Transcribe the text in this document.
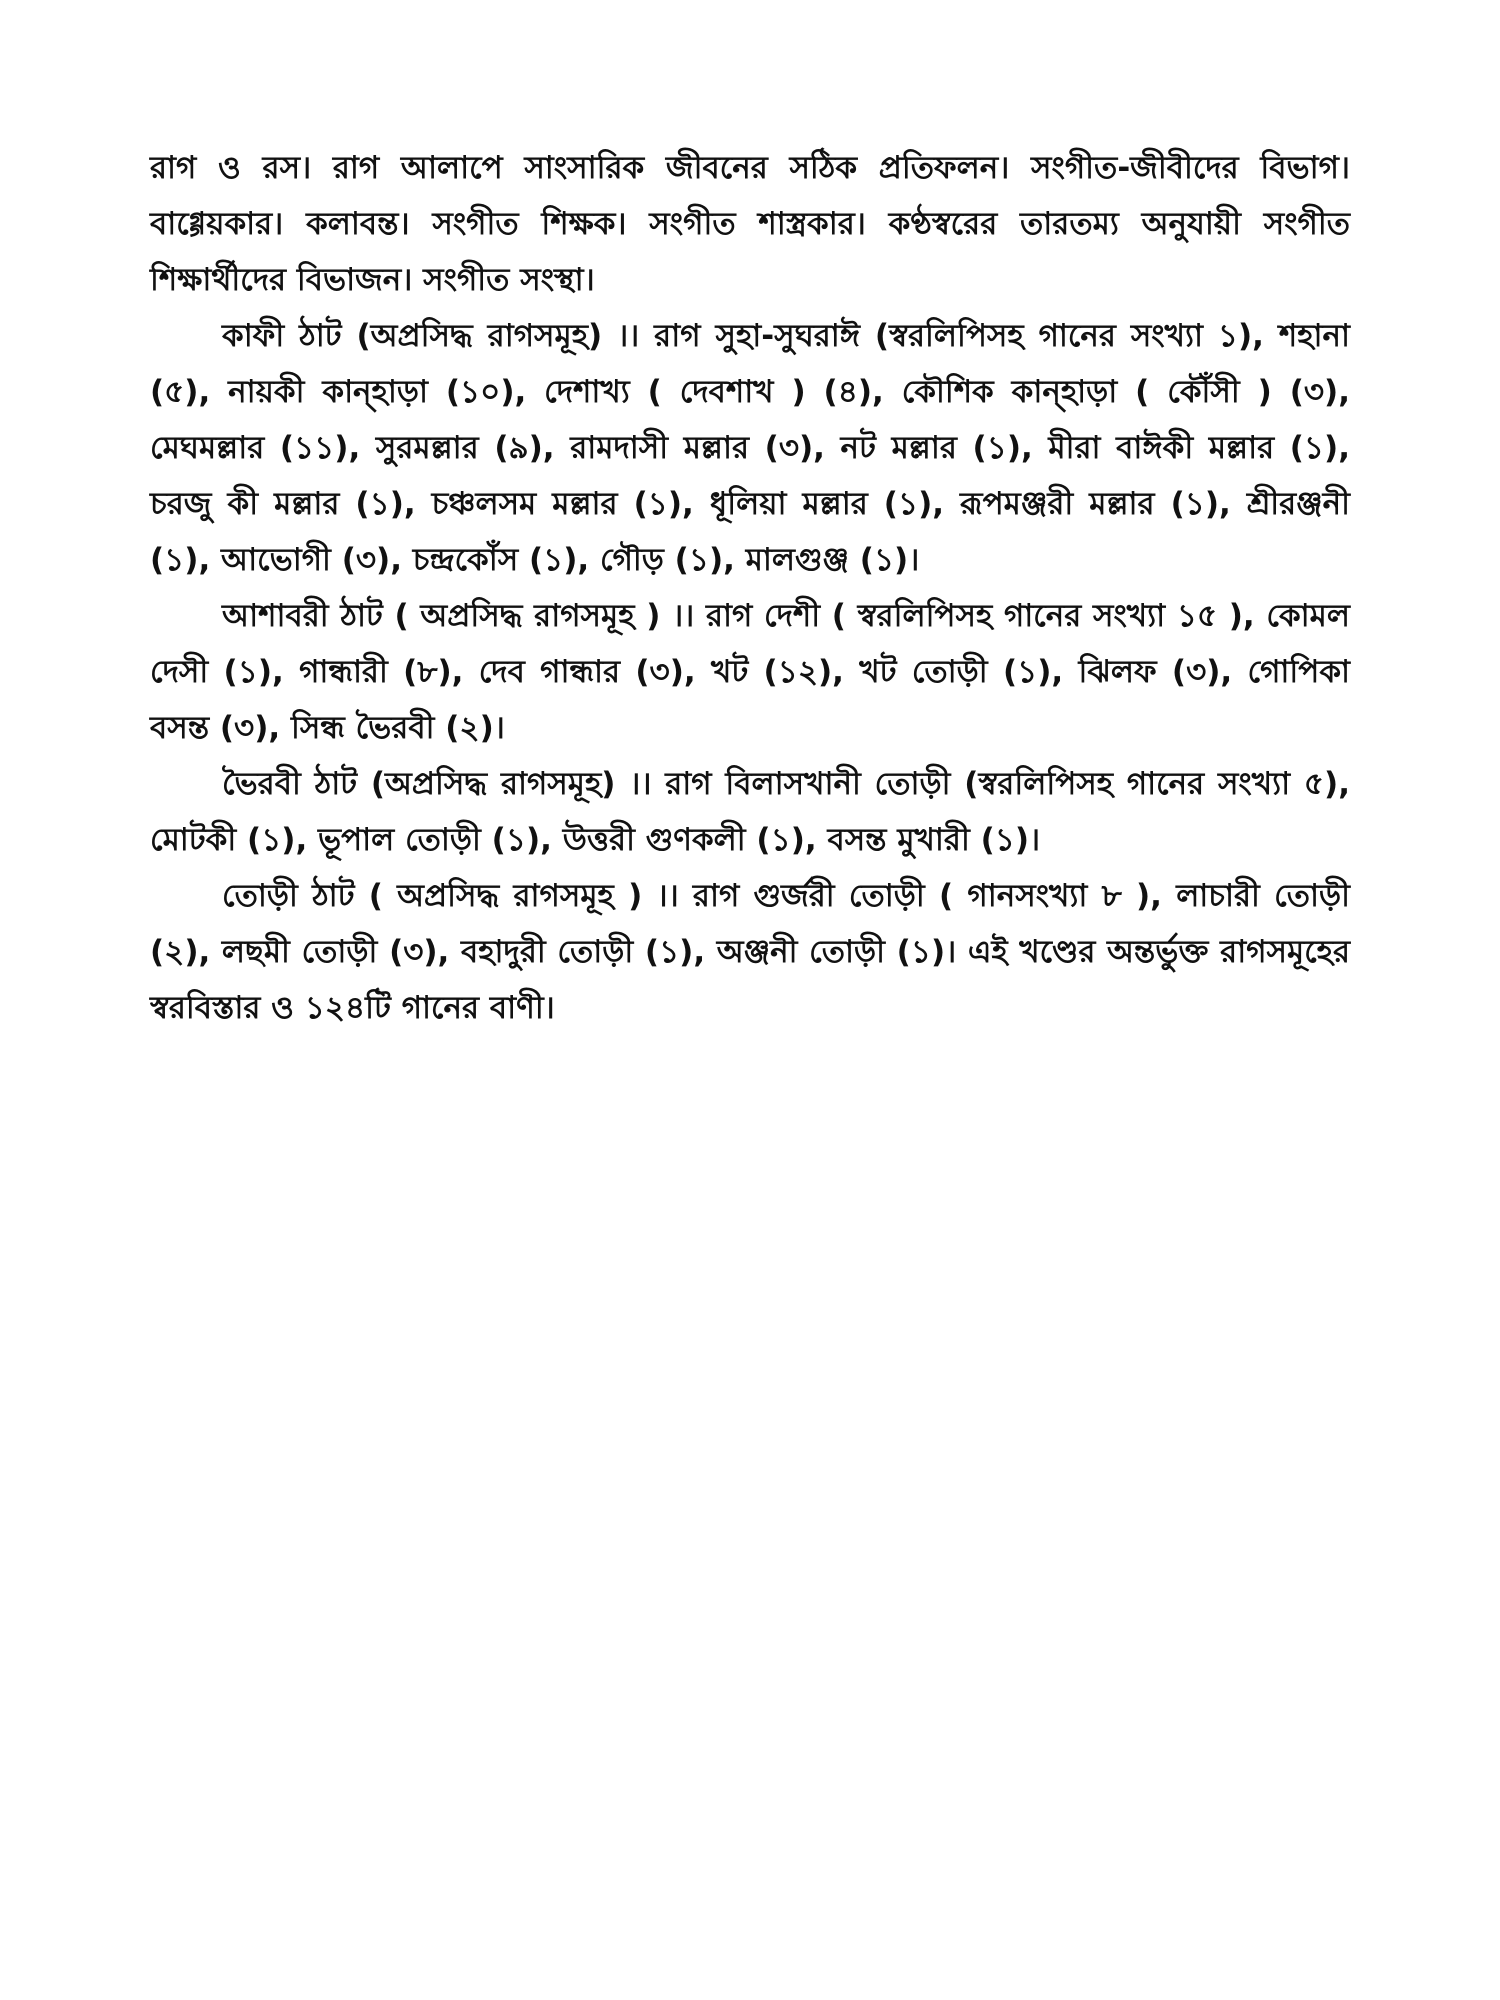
রাগ ও রস। রাগ আলাপে সাংসারিক জীবনের সঠিক প্রতিফলন। সংগীত-জীবীদের বিভাগ। বাগ্গেয়কার। কলাবন্ত। সংগীত শিক্ষক। সংগীত শাস্ত্রকার। কণ্ঠস্বরের তারতম্য অনুযায়ী সংগীত শিক্ষার্থীদের বিভাজন। সংগীত সংস্থা।

কাফী ঠাট (অপ্রসিদ্ধ রাগসমূহ) ।। রাগ সুহা-সুঘরাঈ (স্বরলিপিসহ গানের সংখ্যা ১), শহানা (৫), নায়কী কান্হাড়া (১০), দেশাখ্য ( দেবশাখ ) (৪), কৌশিক কান্হাড়া ( কৌঁসী ) (৩), মেঘমল্লার (১১), সুরমল্লার (৯), রামদাসী মল্লার (৩), নট মল্লার (১), মীরা বাঈকী মল্লার (১), চরজু কী মল্লার (১), চঞ্চলসম মল্লার (১), ধূলিয়া মল্লার (১), রূপমঞ্জরী মল্লার (১), শ্রীরঞ্জনী (১), আভোগী (৩), চন্দ্রকোঁস (১), গৌড় (১), মালগুঞ্জ (১)।

আশাবরী ঠাট ( অপ্রসিদ্ধ রাগসমূহ ) ।। রাগ দেশী ( স্বরলিপিসহ গানের সংখ্যা ১৫ ), কোমল দেসী (১), গান্ধারী (৮), দেব গান্ধার (৩), খট (১২), খট তোড়ী (১), ঝিলফ (৩), গোপিকা বসন্ত (৩), সিন্ধ ভৈরবী (২)।

ভৈরবী ঠাট (অপ্রসিদ্ধ রাগসমূহ) ।। রাগ বিলাসখানী তোড়ী (স্বরলিপিসহ গানের সংখ্যা ৫), মোটকী (১), ভূপাল তোড়ী (১), উত্তরী গুণকলী (১), বসন্ত মুখারী (১)।

তোড়ী ঠাট ( অপ্রসিদ্ধ রাগসমূহ ) ।। রাগ গুর্জরী তোড়ী ( গানসংখ্যা ৮ ), লাচারী তোড়ী (২), লছমী তোড়ী (৩), বহাদুরী তোড়ী (১), অঞ্জনী তোড়ী (১)। এই খণ্ডের অন্তর্ভুক্ত রাগসমূহের স্বরবিস্তার ও ১২৪টি গানের বাণী।
